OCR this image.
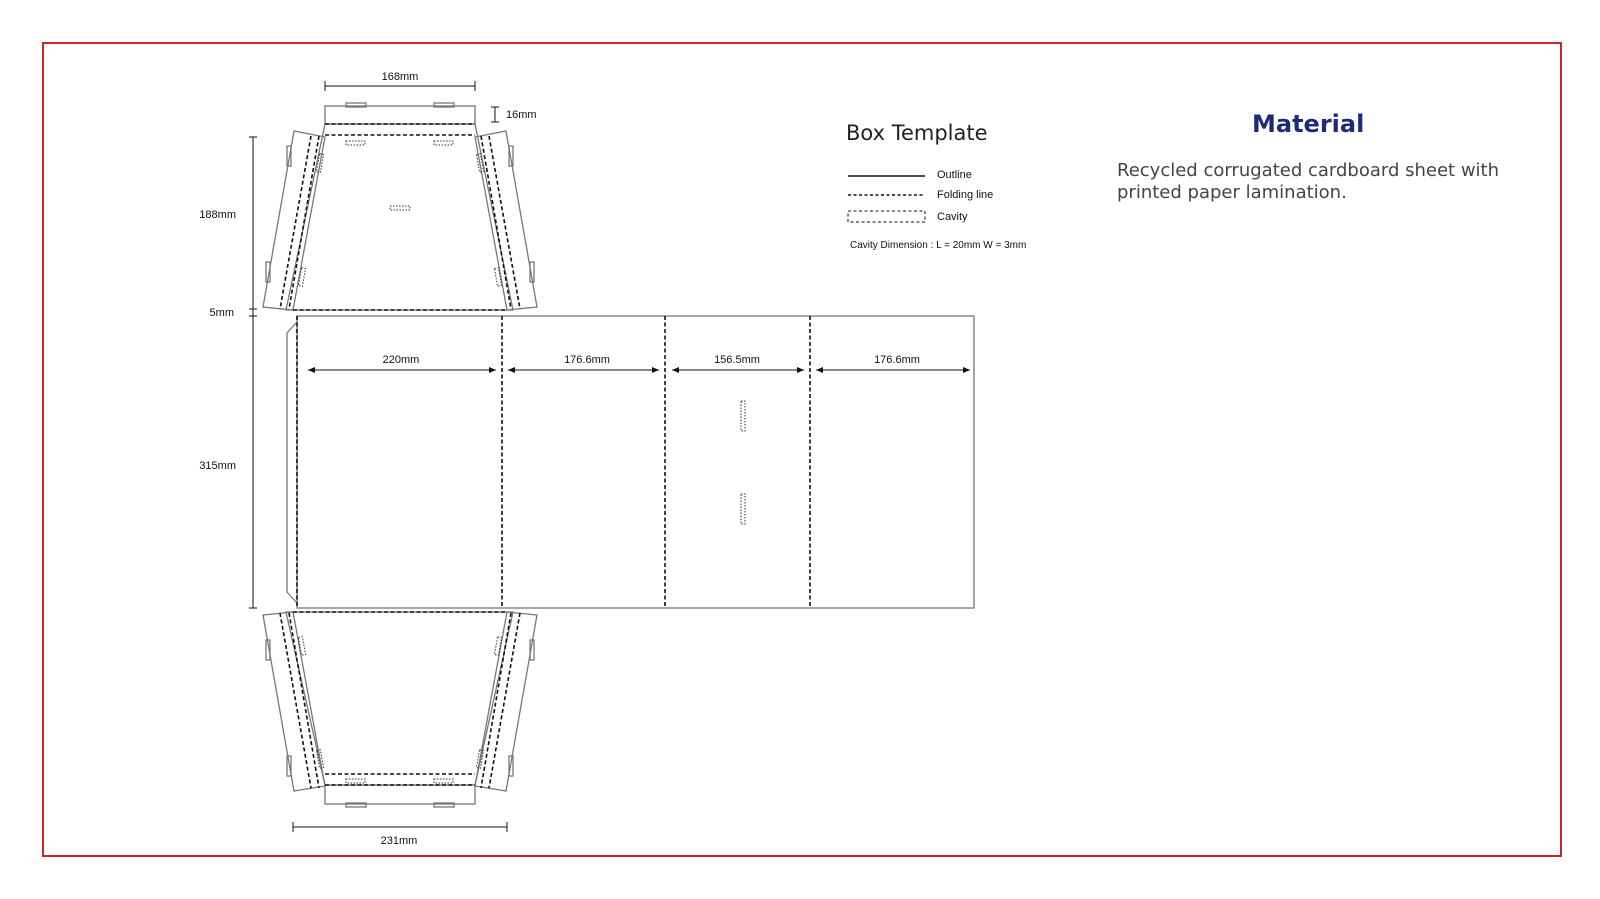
168mm
16mm
188mm
5mm
315mm
220mm	176.6mm	156.5mm	176.6mm
231mm
Box Template
Outline
Folding line
Cavity
Cavity Dimension : L = 20mm W = 3mm
Material

Recycled corrugated cardboard sheet with printed paper lamination.
